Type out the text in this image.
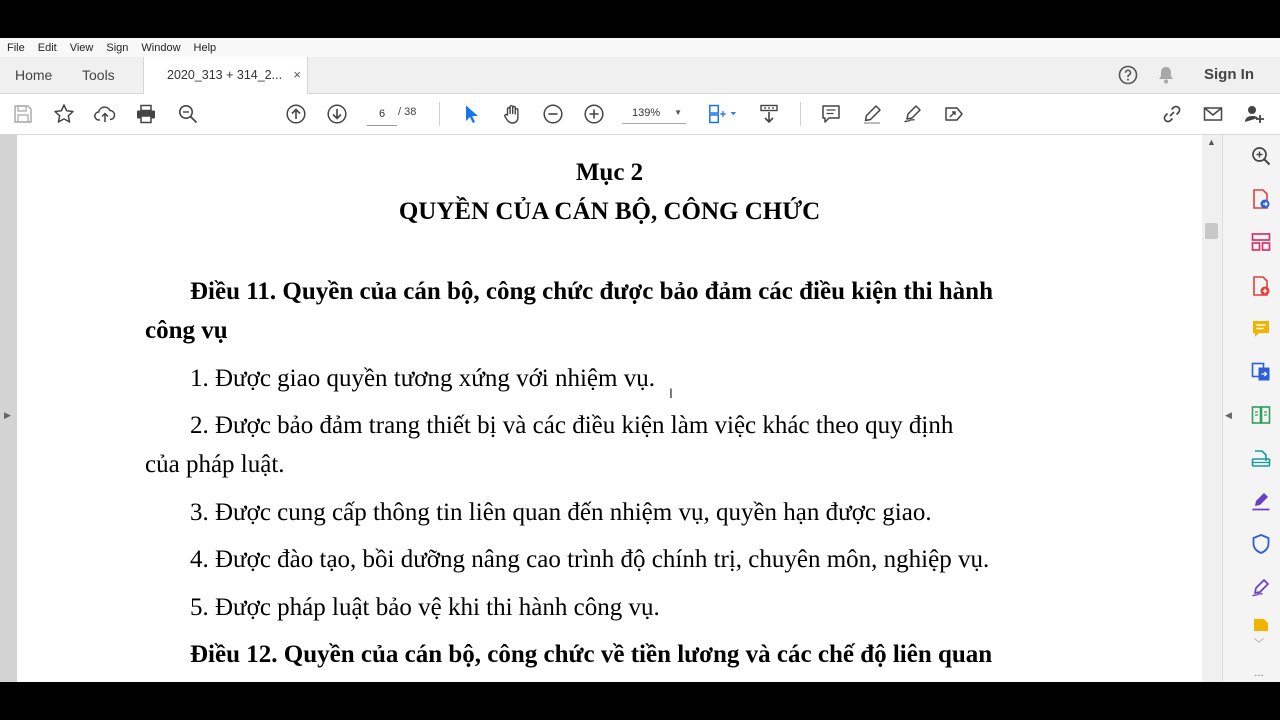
File	Edit	View	Sign	Window	Help
Home Tools	2020_313 + 314_2... ×	Sign In
6
/ 38	139% ▼
▶
Mục 2
QUYỀN CỦA CÁN BỘ, CÔNG CHỨC
Điều 11. Quyền của cán bộ, công chức được bảo đảm các điều kiện thi hành
công vụ
1. Được giao quyền tương xứng với nhiệm vụ.
2. Được bảo đảm trang thiết bị và các điều kiện làm việc khác theo quy định
của pháp luật.
3. Được cung cấp thông tin liên quan đến nhiệm vụ, quyền hạn được giao.
4. Được đào tạo, bồi dưỡng nâng cao trình độ chính trị, chuyên môn, nghiệp vụ.
5. Được pháp luật bảo vệ khi thi hành công vụ.
Điều 12. Quyền của cán bộ, công chức về tiền lương và các chế độ liên quan
I
▲
◀
﹀
…
